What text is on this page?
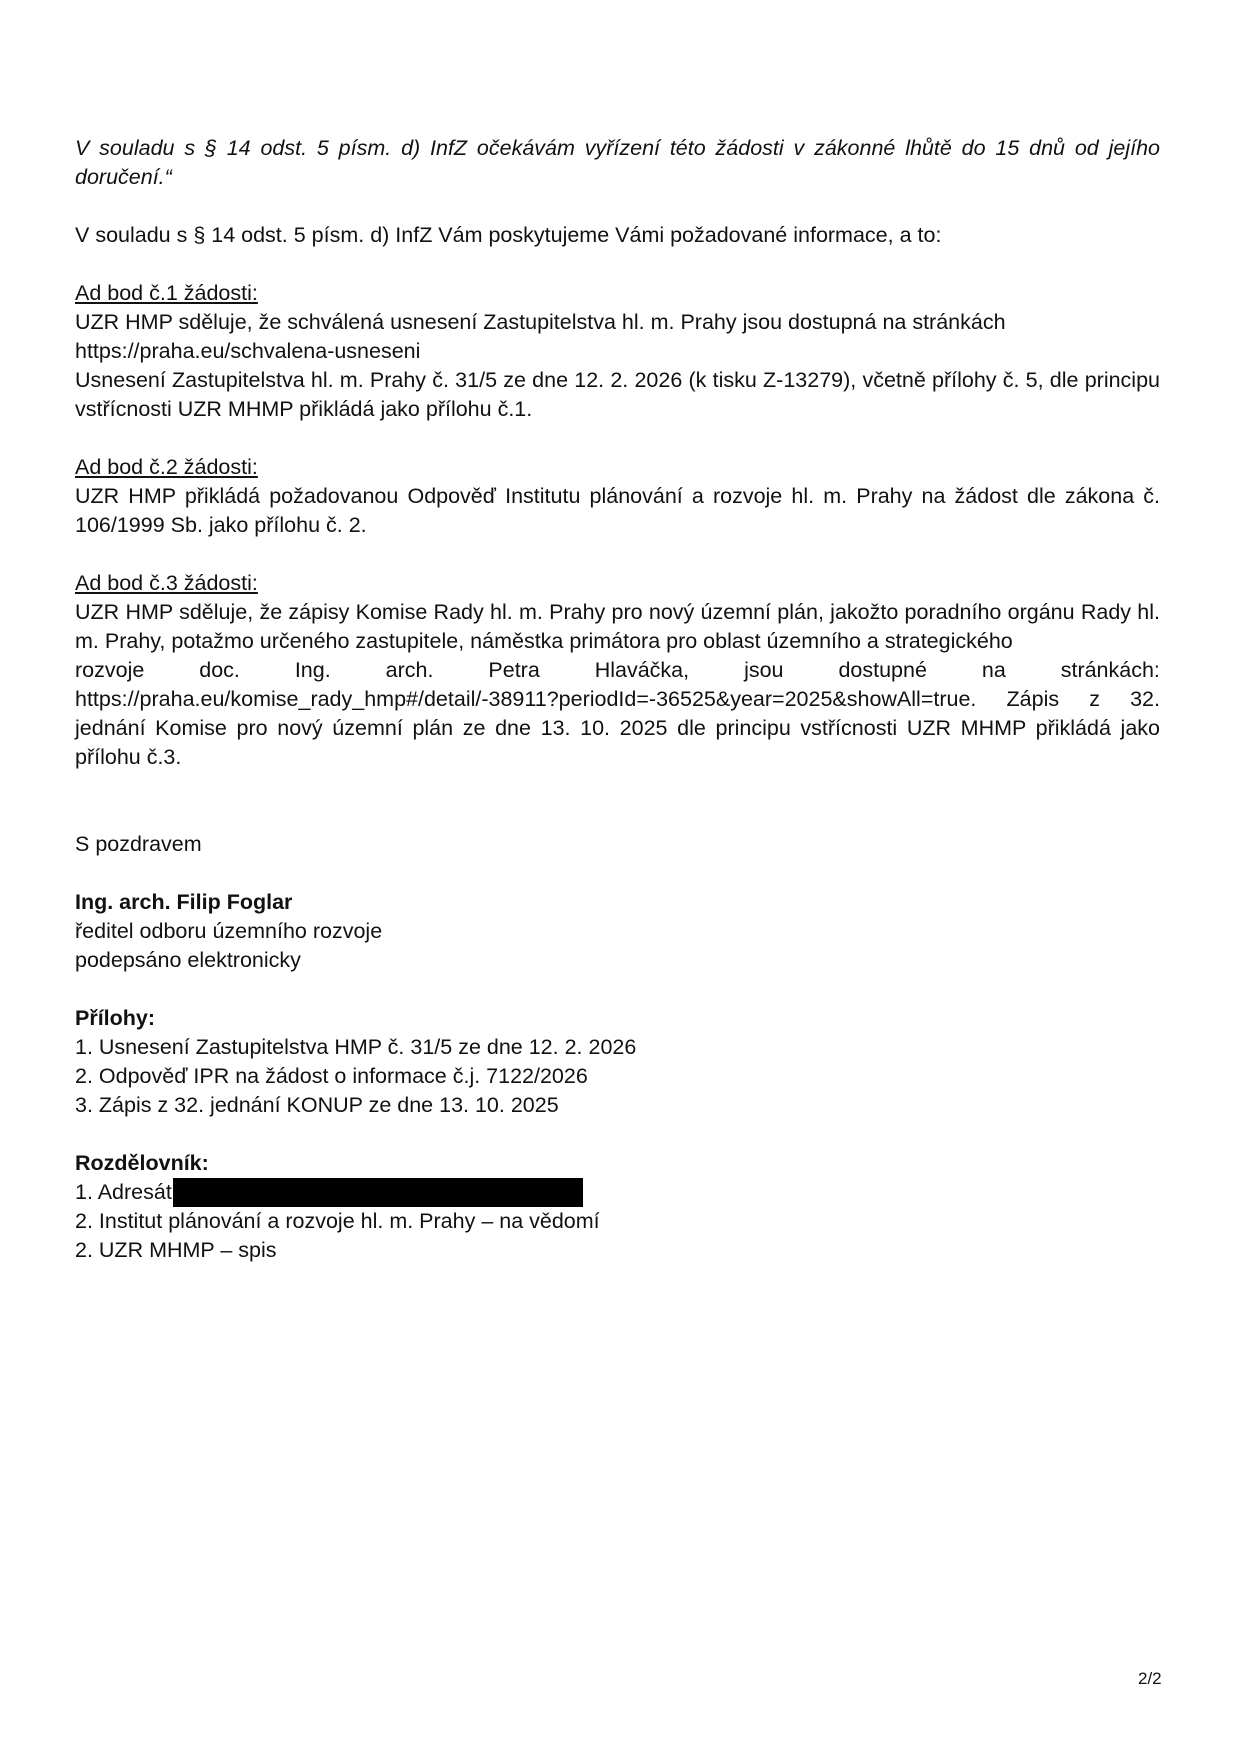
V souladu s § 14 odst. 5 písm. d) InfZ očekávám vyřízení této žádosti v zákonné lhůtě do 15 dnů od jejího doručení.“

V souladu s § 14 odst. 5 písm. d) InfZ Vám poskytujeme Vámi požadované informace, a to:

Ad bod č.1 žádosti:

UZR HMP sděluje, že schválená usnesení Zastupitelstva hl. m. Prahy jsou dostupná na stránkách

https://praha.eu/schvalena-usneseni

Usnesení Zastupitelstva hl. m. Prahy č. 31/5 ze dne 12. 2. 2026 (k tisku Z-13279), včetně přílohy č. 5, dle principu vstřícnosti UZR MHMP přikládá jako přílohu č.1.

Ad bod č.2 žádosti:

UZR HMP přikládá požadovanou Odpověď Institutu plánování a rozvoje hl. m. Prahy na žádost dle zákona č. 106/1999 Sb. jako přílohu č. 2.

Ad bod č.3 žádosti:

UZR HMP sděluje, že zápisy Komise Rady hl. m. Prahy pro nový územní plán, jakožto poradního orgánu Rady hl. m. Prahy, potažmo určeného zastupitele, náměstka primátora pro oblast územního a strategického

rozvoje	doc.	Ing.	arch.	Petra	Hlaváčka,	jsou	dostupné	na	stránkách:

https://praha.eu/komise_rady_hmp#/detail/-38911?periodId=-36525&year=2025&showAll=true. Zápis z 32. jednání Komise pro nový územní plán ze dne 13. 10. 2025 dle principu vstřícnosti UZR MHMP přikládá jako přílohu č.3.

S pozdravem

Ing. arch. Filip Foglar

ředitel odboru územního rozvoje

podepsáno elektronicky

Přílohy:

1. Usnesení Zastupitelstva HMP č. 31/5 ze dne 12. 2. 2026

2. Odpověď IPR na žádost o informace č.j. 7122/2026

3. Zápis z 32. jednání KONUP ze dne 13. 10. 2025

Rozdělovník:

1. Adresát

2. Institut plánování a rozvoje hl. m. Prahy – na vědomí

2. UZR MHMP – spis

2/2
